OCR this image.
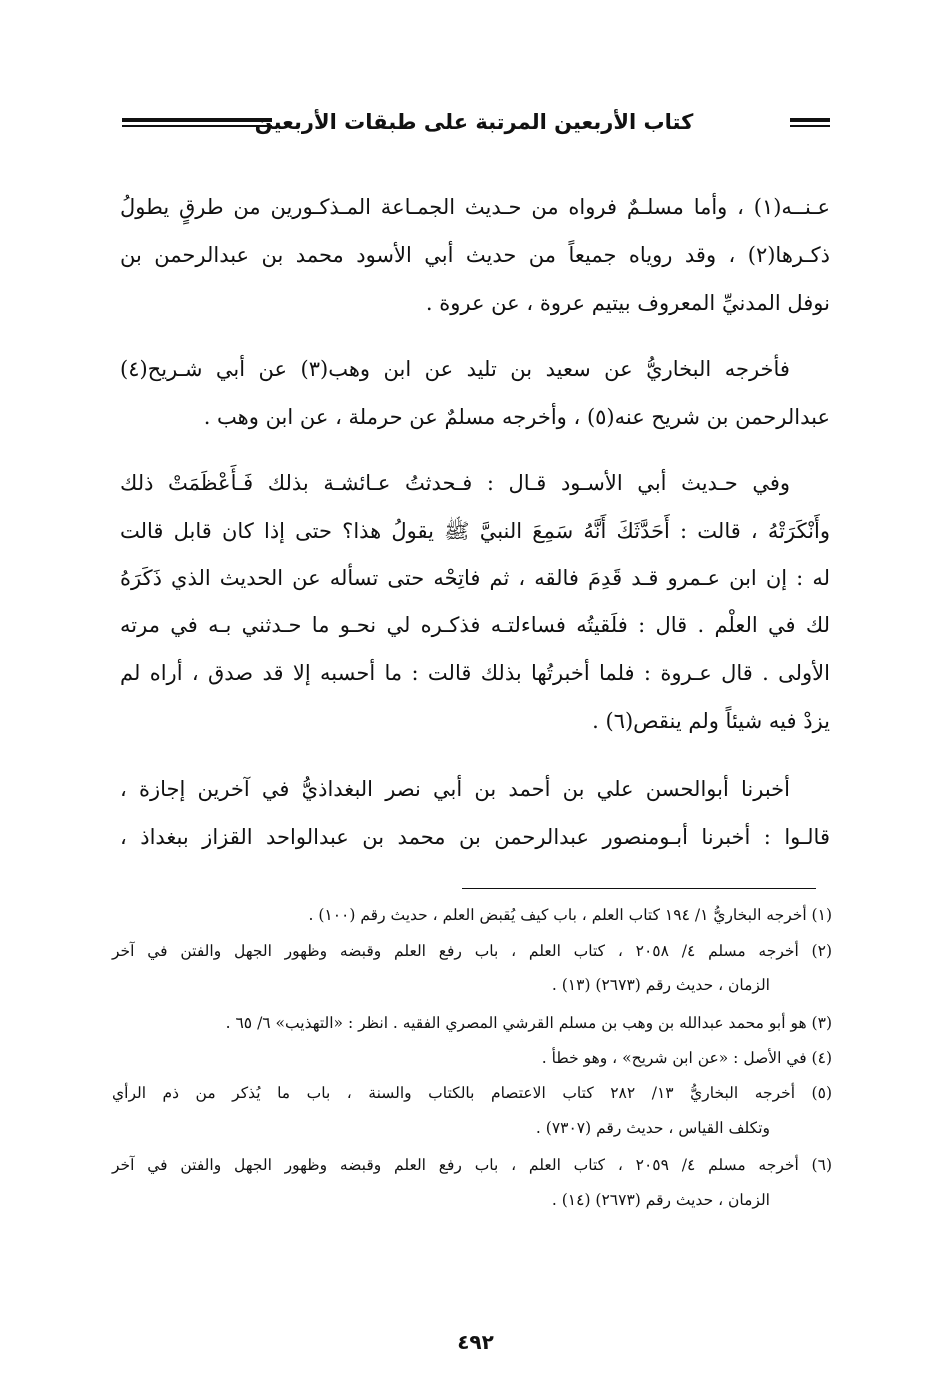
كتاب الأربعين المرتبة على طبقات الأربعين
عـنــه(١) ، وأما مسلـمٌ فرواه من حـديث الجمـاعة المـذكـورين من طرقٍ يطولُ
ذكـرها(٢) ، وقد روياه جميعاً من حديث أبي الأسود محمد بن عبدالرحمن بن
نوفل المدنيِّ المعروف بيتيم عروة ، عن عروة .
فأخرجه البخاريُّ عن سعيد بن تليد عن ابن وهب(٣) عن أبي شـريح(٤)
عبدالرحمن بن شريح عنه(٥) ، وأخرجه مسلمٌ عن حرملة ، عن ابن وهب .
وفي حـديث أبي الأسـود قـال : فـحدثتُ عـائشـة بذلك فَـأَعْظَمَتْ ذلك
وأَنْكَرَتْهُ ، قالت : أَحَدَّثَكَ أَنَّهُ سَمِعَ النبيَّ ﷺ يقولُ هذا؟ حتى إذا كان قابل قالت
له : إن ابن عـمرو قـد قَدِمَ فالقه ، ثم فاتِحْه حتى تسأله عن الحديث الذي ذَكَرَهُ
لك في العلْم . قال : فلَقيتُه فساءلتـه فذكـره لي نحـو ما حـدثني بـه في مرته
الأولى . قال عـروة : فلما أخبرتُها بذلك قالت : ما أحسبه إلا قد صدق ، أراه لم
يزدْ فيه شيئاً ولم ينقص(٦) .
أخبرنا أبوالحسن علي بن أحمد بن أبي نصر البغداذيُّ في آخرين إجازة ،
قالـوا : أخبرنا أبـومنصور عبدالرحمن بن محمد بن عبدالواحد القزاز ببغداذ ،
(١) أخرجه البخاريُّ ١/ ١٩٤ كتاب العلم ، باب كيف يُقبض العلم ، حديث رقم (١٠٠) .
(٢) أخرجه مسلم ٤/ ٢٠٥٨ ، كتاب العلم ، باب رفع العلم وقبضه وظهور الجهل والفتن في آخر
الزمان ، حديث رقم (٢٦٧٣) (١٣) .
(٣) هو أبو محمد عبدالله بن وهب بن مسلم القرشي المصري الفقيه . انظر : «التهذيب» ٦/ ٦٥ .
(٤) في الأصل : «عن ابن شريح» ، وهو خطأ .
(٥) أخرجه البخاريُّ ١٣/ ٢٨٢ كتاب الاعتصام بالكتاب والسنة ، باب ما يُذكر من ذم الرأي
وتكلف القياس ، حديث رقم (٧٣٠٧) .
(٦) أخرجه مسلم ٤/ ٢٠٥٩ ، كتاب العلم ، باب رفع العلم وقبضه وظهور الجهل والفتن في آخر
الزمان ، حديث رقم (٢٦٧٣) (١٤) .
٤٩٢
